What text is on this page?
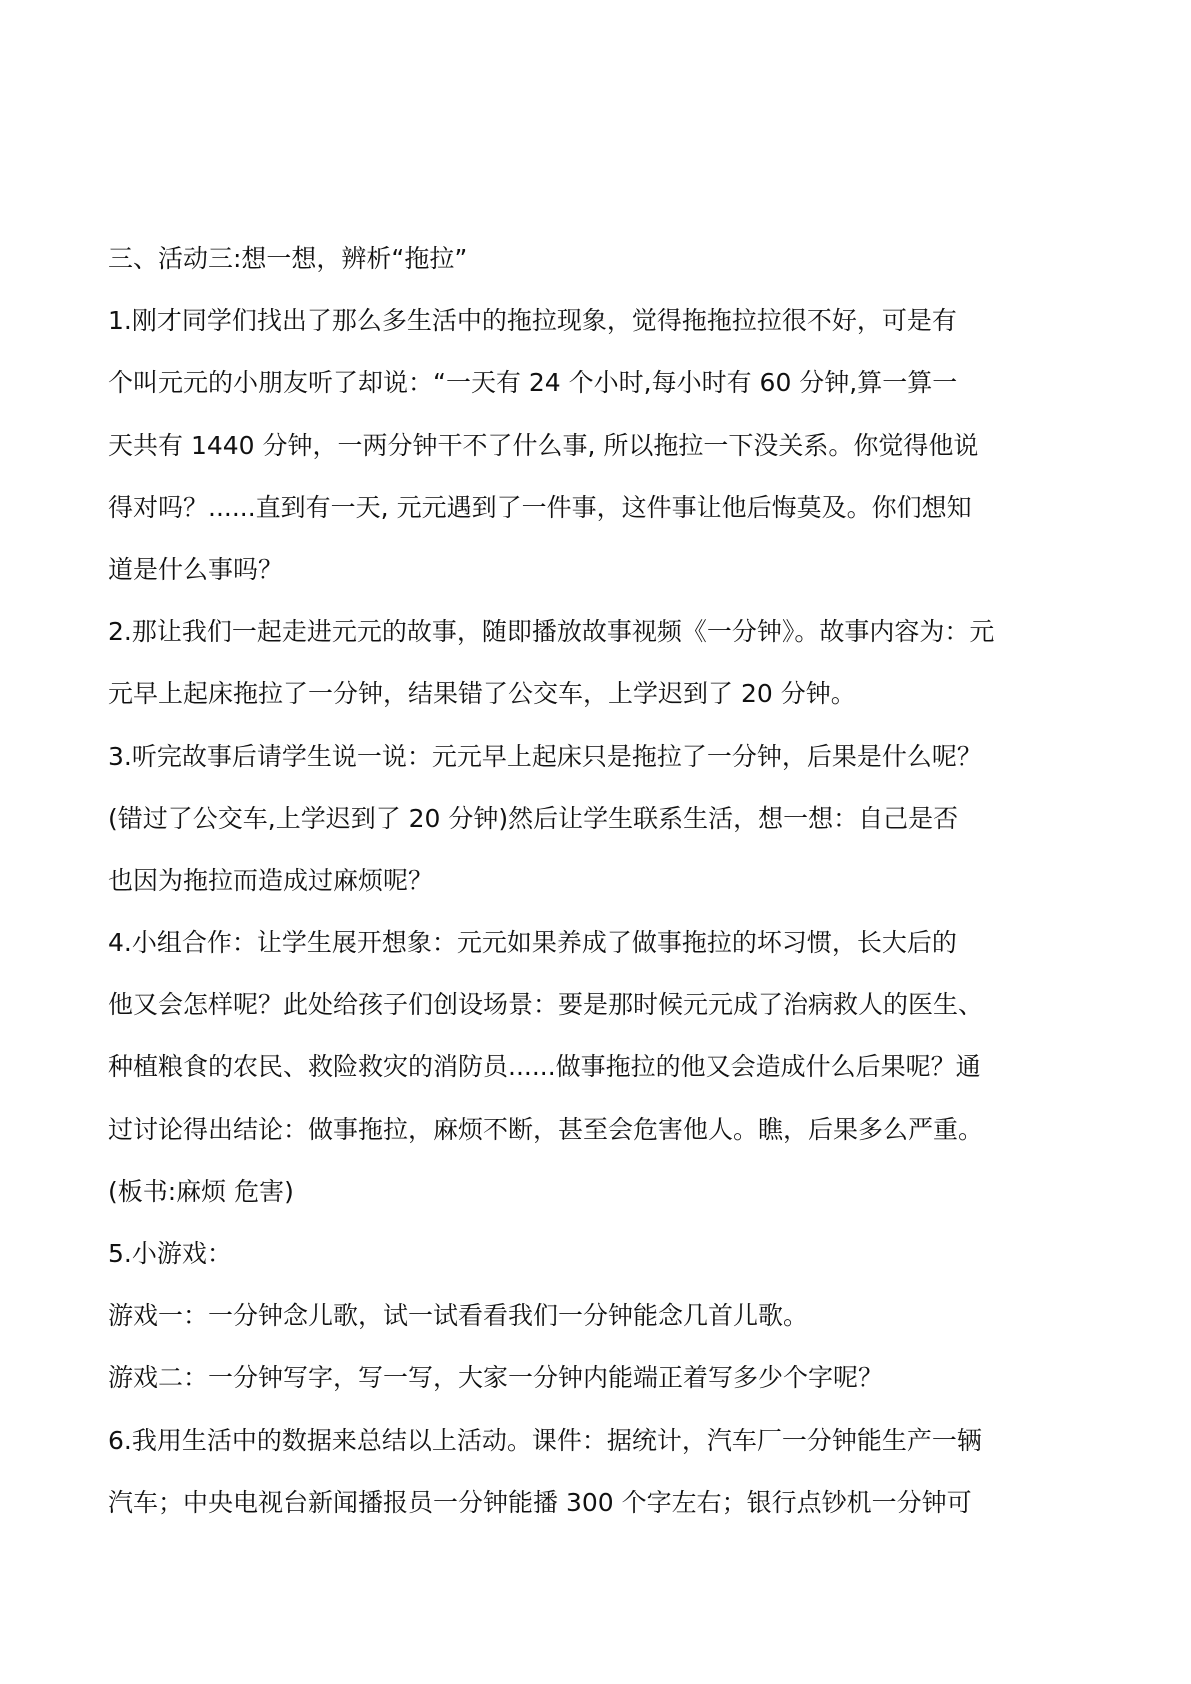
三、活动三:想一想，辨析“拖拉”
1.刚才同学们找出了那么多生活中的拖拉现象，觉得拖拖拉拉很不好，可是有
个叫元元的小朋友听了却说：“一天有 24 个小时,每小时有 60 分钟,算一算一
天共有 1440 分钟，一两分钟干不了什么事, 所以拖拉一下没关系。你觉得他说
得对吗？......直到有一天, 元元遇到了一件事，这件事让他后悔莫及。你们想知
道是什么事吗？
2.那让我们一起走进元元的故事，随即播放故事视频《一分钟》。故事内容为：元
元早上起床拖拉了一分钟，结果错了公交车，上学迟到了 20 分钟。
3.听完故事后请学生说一说：元元早上起床只是拖拉了一分钟，后果是什么呢？
(错过了公交车,上学迟到了 20 分钟)然后让学生联系生活，想一想：自己是否
也因为拖拉而造成过麻烦呢？
4.小组合作：让学生展开想象：元元如果养成了做事拖拉的坏习惯，长大后的
他又会怎样呢？此处给孩子们创设场景：要是那时候元元成了治病救人的医生、
种植粮食的农民、救险救灾的消防员......做事拖拉的他又会造成什么后果呢？通
过讨论得出结论：做事拖拉，麻烦不断，甚至会危害他人。瞧，后果多么严重。
(板书:麻烦 危害)
5.小游戏：
游戏一：一分钟念儿歌，试一试看看我们一分钟能念几首儿歌。
游戏二：一分钟写字，写一写，大家一分钟内能端正着写多少个字呢？
6.我用生活中的数据来总结以上活动。课件：据统计，汽车厂一分钟能生产一辆
汽车；中央电视台新闻播报员一分钟能播 300 个字左右；银行点钞机一分钟可
